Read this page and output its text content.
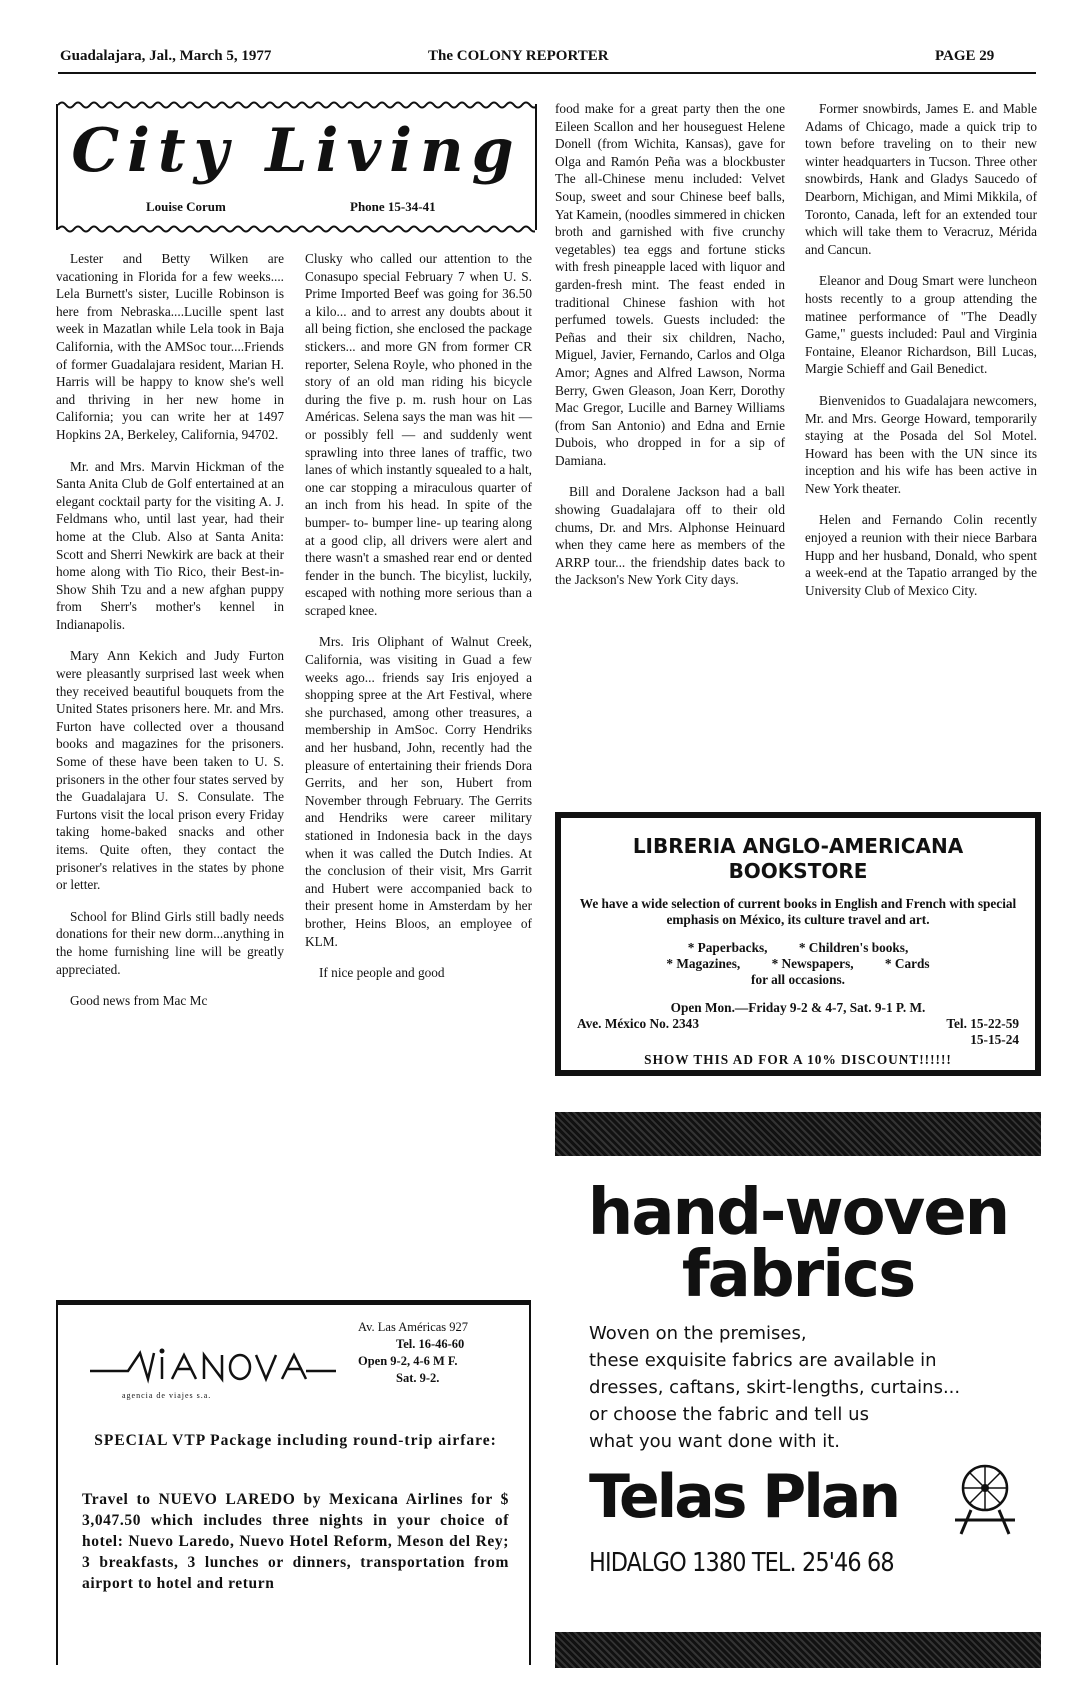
Guadalajara, Jal., March 5, 1977	The COLONY REPORTER	PAGE 29
City Living
Louise Corum	Phone 15-34-41

Lester and Betty Wilken are vacationing in Florida for a few weeks.... Lela Burnett's sister, Lucille Robinson is here from Nebraska....Lucille spent last week in Mazatlan while Lela took in Baja California, with the AMSoc tour....Friends of former Guadalajara resident, Marian H. Harris will be happy to know she's well and thriving in her new home in California; you can write her at 1497 Hopkins 2A, Berkeley, California, 94702.

Mr. and Mrs. Marvin Hickman of the Santa Anita Club de Golf entertained at an elegant cocktail party for the visiting A. J. Feldmans who, until last year, had their home at the Club. Also at Santa Anita: Scott and Sherri Newkirk are back at their home along with Tio Rico, their Best-in-Show Shih Tzu and a new afghan puppy from Sherr's mother's kennel in Indianapolis.

Mary Ann Kekich and Judy Furton were pleasantly surprised last week when they received beautiful bouquets from the United States prisoners here. Mr. and Mrs. Furton have collected over a thousand books and magazines for the prisoners. Some of these have been taken to U. S. prisoners in the other four states served by the Guadalajara U. S. Consulate. The Furtons visit the local prison every Friday taking home-baked snacks and other items. Quite often, they contact the prisoner's relatives in the states by phone or letter.

School for Blind Girls still badly needs donations for their new dorm...anything in the home furnishing line will be greatly appreciated.

Good news from Mac Mc

Clusky who called our attention to the Conasupo special February 7 when U. S. Prime Imported Beef was going for 36.50 a kilo... and to arrest any doubts about it all being fiction, she enclosed the package stickers... and more GN from former CR reporter, Selena Royle, who phoned in the story of an old man riding his bicycle during the five p. m. rush hour on Las Américas. Selena says the man was hit — or possibly fell — and suddenly went sprawling into three lanes of traffic, two lanes of which instantly squealed to a halt, one car stopping a miraculous quarter of an inch from his head. In spite of the bumper- to- bumper line- up tearing along at a good clip, all drivers were alert and there wasn't a smashed rear end or dented fender in the bunch. The bicylist, luckily, escaped with nothing more serious than a scraped knee.

Mrs. Iris Oliphant of Walnut Creek, California, was visiting in Guad a few weeks ago... friends say Iris enjoyed a shopping spree at the Art Festival, where she purchased, among other treasures, a membership in AmSoc. Corry Hendriks and her husband, John, recently had the pleasure of entertaining their friends Dora Gerrits, and her son, Hubert from November through February. The Gerrits and Hendriks were career military stationed in Indonesia back in the days when it was called the Dutch Indies. At the conclusion of their visit, Mrs Garrit and Hubert were accompanied back to their present home in Amsterdam by her brother, Heins Bloos, an employee of KLM.

If nice people and good

food make for a great party then the one Eileen Scallon and her houseguest Helene Donell (from Wichita, Kansas), gave for Olga and Ramón Peña was a blockbuster The all-Chinese menu included: Velvet Soup, sweet and sour Chinese beef balls, Yat Kamein, (noodles simmered in chicken broth and garnished with five crunchy vegetables) tea eggs and fortune sticks with fresh pineapple laced with liquor and garden-fresh mint. The feast ended in traditional Chinese fashion with hot perfumed towels. Guests included: the Peñas and their six children, Nacho, Miguel, Javier, Fernando, Carlos and Olga Amor; Agnes and Alfred Lawson, Norma Berry, Gwen Gleason, Joan Kerr, Dorothy Mac Gregor, Lucille and Barney Williams (from San Antonio) and Edna and Ernie Dubois, who dropped in for a sip of Damiana.

Bill and Doralene Jackson had a ball showing Guadalajara off to their old chums, Dr. and Mrs. Alphonse Heinuard when they came here as members of the ARRP tour... the friendship dates back to the Jackson's New York City days.

Former snowbirds, James E. and Mable Adams of Chicago, made a quick trip to town before traveling on to their new winter headquarters in Tucson. Three other snowbirds, Hank and Gladys Saucedo of Dearborn, Michigan, and Mimi Mikkila, of Toronto, Canada, left for an extended tour which will take them to Veracruz, Mérida and Cancun.

Eleanor and Doug Smart were luncheon hosts recently to a group attending the matinee performance of "The Deadly Game," guests included: Paul and Virginia Fontaine, Eleanor Richardson, Bill Lucas, Margie Schieff and Gail Benedict.

Bienvenidos to Guadalajara newcomers, Mr. and Mrs. George Howard, temporarily staying at the Posada del Sol Motel. Howard has been with the UN since its inception and his wife has been active in New York theater.

Helen and Fernando Colin recently enjoyed a reunion with their niece Barbara Hupp and her husband, Donald, who spent a week-end at the Tapatio arranged by the University Club of Mexico City.

LIBRERIA ANGLO-AMERICANA
BOOKSTORE
We have a wide selection of current books in English and French with special emphasis on México, its culture travel and art.
* Paperbacks, * Children's books,
* Magazines, * Newspapers, * Cards
for all occasions.
Open Mon.—Friday 9-2 & 4-7, Sat. 9-1 P. M.
Ave. México No. 2343	Tel. 15-22-59
15-15-24
SHOW THIS AD FOR A 10% DISCOUNT!!!!!!
hand-woven
fabrics
Woven on the premises,
these exquisite fabrics are available in
dresses, caftans, skirt-lengths, curtains...
or choose the fabric and tell us
what you want done with it.
Telas Plan
HIDALGO 1380 TEL. 25'46 68
agencia de viajes s.a.
Av. Las Américas 927
Tel. 16-46-60
Open 9-2, 4-6 M F.
Sat. 9-2.
SPECIAL VTP Package including round-trip airfare:
Travel to NUEVO LAREDO by Mexicana Airlines for $ 3,047.50 which includes three nights in your choice of hotel: Nuevo Laredo, Nuevo Hotel Reform, Meson del Rey; 3 breakfasts, 3 lunches or dinners, transportation from airport to hotel and return
